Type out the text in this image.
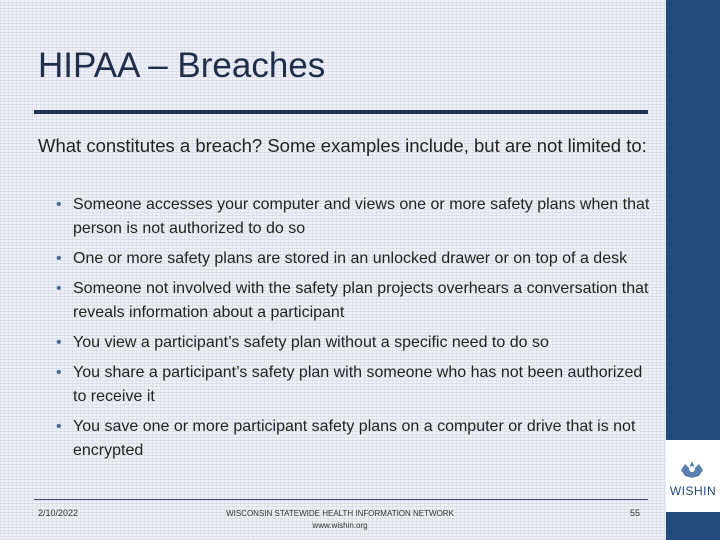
WISHIN
HIPAA – Breaches
What constitutes a breach? Some examples include, but are not limited to:
• Someone accesses your computer and views one or more safety plans when that person is not authorized to do so
• One or more safety plans are stored in an unlocked drawer or on top of a desk
• Someone not involved with the safety plan projects overhears a conversation that reveals information about a participant
• You view a participant’s safety plan without a specific need to do so
• You share a participant’s safety plan with someone who has not been authorized to receive it
• You save one or more participant safety plans on a computer or drive that is not encrypted
2/10/2022	WISCONSIN STATEWIDE HEALTH INFORMATION NETWORK
www.wishin.org
55
